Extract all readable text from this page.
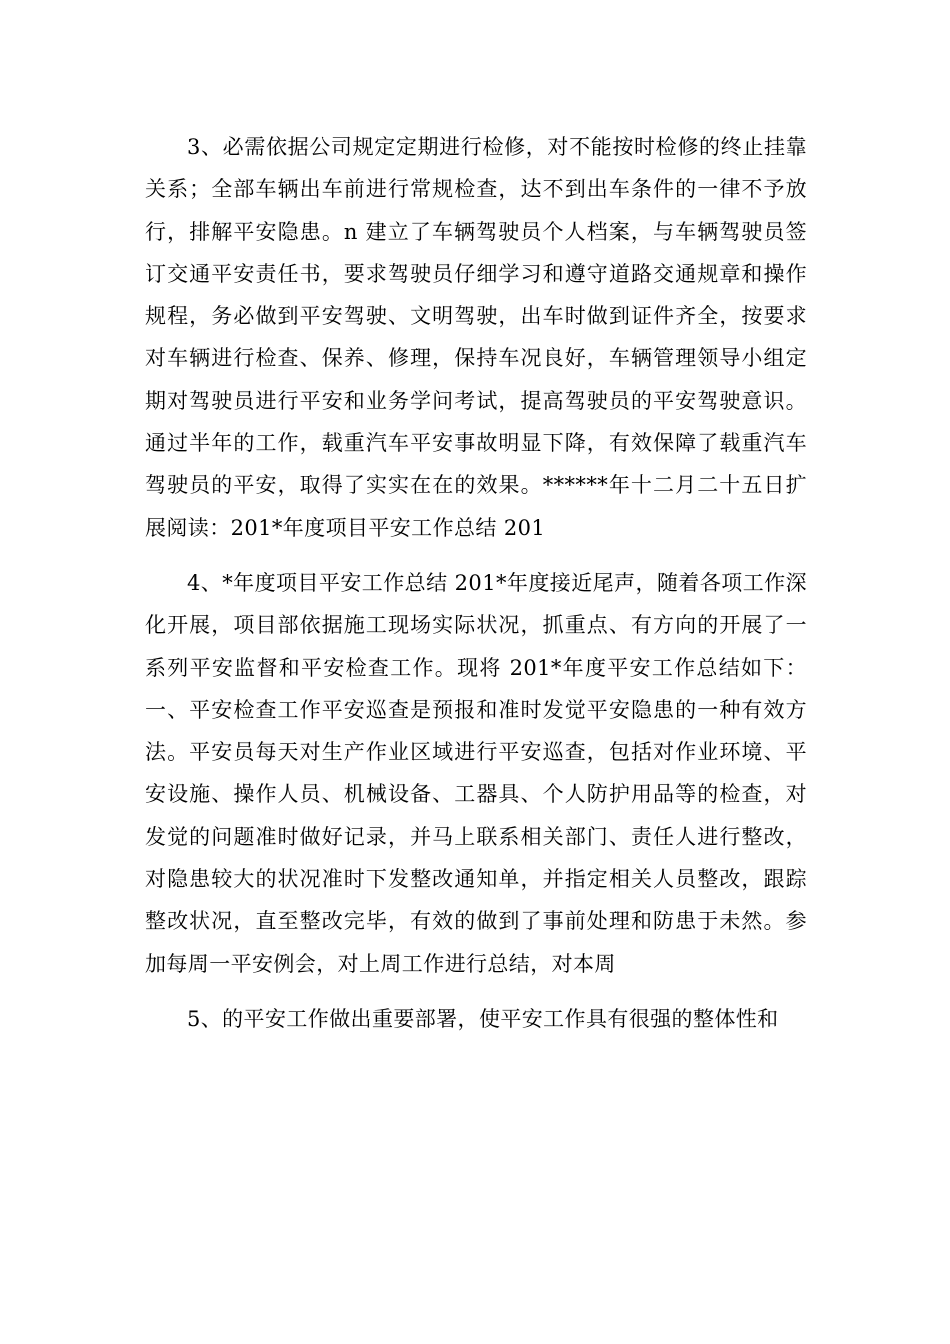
3、必需依据公司规定定期进行检修，对不能按时检修的终止挂靠关系；全部车辆出车前进行常规检查，达不到出车条件的一律不予放行，排解平安隐患。n 建立了车辆驾驶员个人档案，与车辆驾驶员签订交通平安责任书，要求驾驶员仔细学习和遵守道路交通规章和操作规程，务必做到平安驾驶、文明驾驶，出车时做到证件齐全，按要求对车辆进行检查、保养、修理，保持车况良好，车辆管理领导小组定期对驾驶员进行平安和业务学问考试，提高驾驶员的平安驾驶意识。通过半年的工作，载重汽车平安事故明显下降，有效保障了载重汽车驾驶员的平安，取得了实实在在的效果。******年十二月二十五日扩展阅读：201*年度项目平安工作总结 201

4、*年度项目平安工作总结 201*年度接近尾声，随着各项工作深化开展，项目部依据施工现场实际状况，抓重点、有方向的开展了一系列平安监督和平安检查工作。现将 201*年度平安工作总结如下：一、平安检查工作平安巡查是预报和准时发觉平安隐患的一种有效方法。平安员每天对生产作业区域进行平安巡查，包括对作业环境、平安设施、操作人员、机械设备、工器具、个人防护用品等的检查，对发觉的问题准时做好记录，并马上联系相关部门、责任人进行整改，对隐患较大的状况准时下发整改通知单，并指定相关人员整改，跟踪整改状况，直至整改完毕，有效的做到了事前处理和防患于未然。参加每周一平安例会，对上周工作进行总结，对本周

5、的平安工作做出重要部署，使平安工作具有很强的整体性和
